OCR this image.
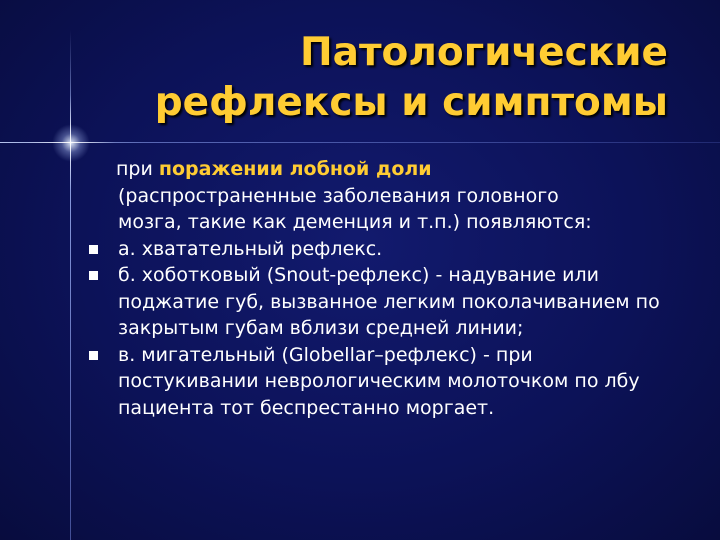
Патологические
рефлексы и симптомы
при поражении лобной доли
(распространенные заболевания головного
мозга, такие как деменция и т.п.) появляются:
а. хватательный рефлекс.
б. хоботковый (Snout-рефлекс) - надувание или поджатие губ, вызванное легким поколачиванием по закрытым губам вблизи средней линии;
в. мигательный (Globellar–рефлекс) - при постукивании неврологическим молоточком по лбу пациента тот беспрестанно моргает.
